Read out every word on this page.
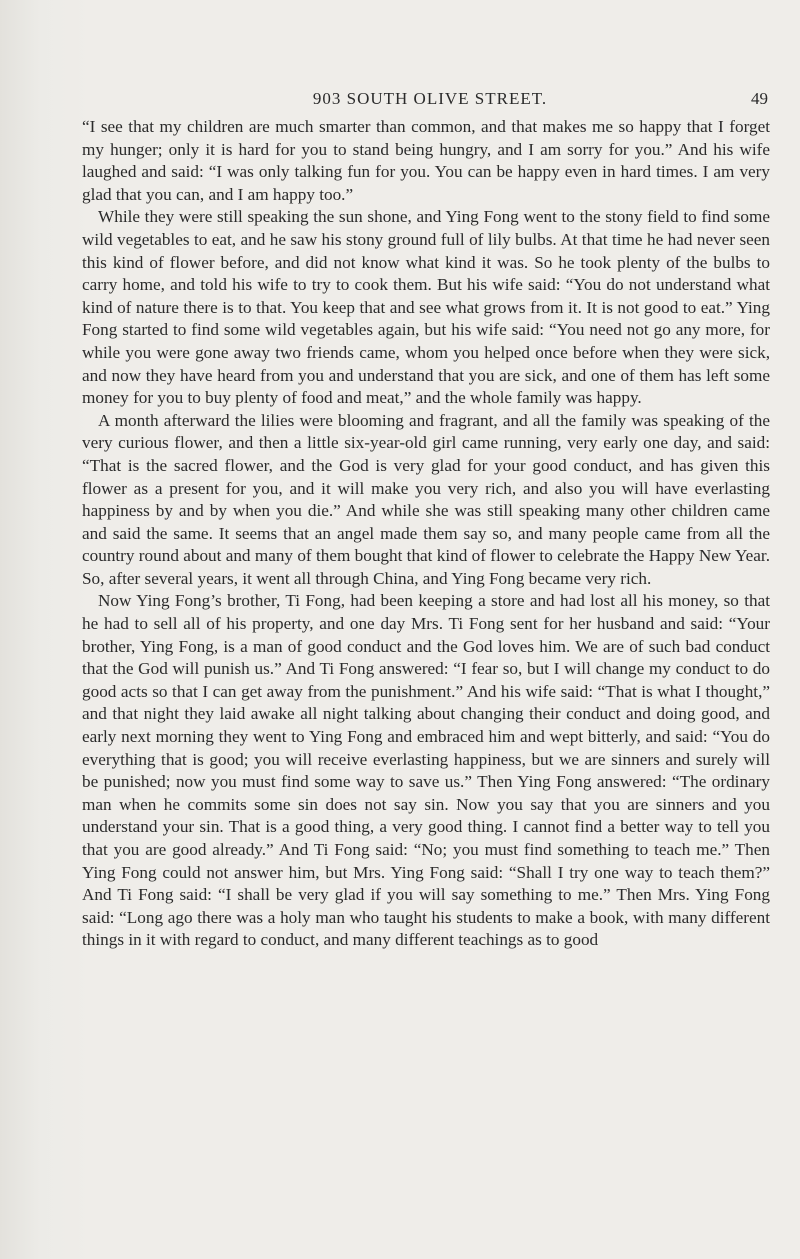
903 SOUTH OLIVE STREET.	49

“I see that my children are much smarter than common, and that makes me so happy that I forget my hunger; only it is hard for you to stand being hungry, and I am sorry for you.” And his wife laughed and said: “I was only talking fun for you. You can be happy even in hard times. I am very glad that you can, and I am happy too.”

While they were still speaking the sun shone, and Ying Fong went to the stony field to find some wild vegetables to eat, and he saw his stony ground full of lily bulbs. At that time he had never seen this kind of flower before, and did not know what kind it was. So he took plenty of the bulbs to carry home, and told his wife to try to cook them. But his wife said: “You do not understand what kind of nature there is to that. You keep that and see what grows from it. It is not good to eat.” Ying Fong started to find some wild vegetables again, but his wife said: “You need not go any more, for while you were gone away two friends came, whom you helped once before when they were sick, and now they have heard from you and understand that you are sick, and one of them has left some money for you to buy plenty of food and meat,” and the whole family was happy.

A month afterward the lilies were blooming and fragrant, and all the family was speaking of the very curious flower, and then a little six-year-old girl came running, very early one day, and said: “That is the sacred flower, and the God is very glad for your good conduct, and has given this flower as a present for you, and it will make you very rich, and also you will have everlasting happiness by and by when you die.” And while she was still speaking many other children came and said the same. It seems that an angel made them say so, and many people came from all the country round about and many of them bought that kind of flower to celebrate the Happy New Year. So, after several years, it went all through China, and Ying Fong became very rich.

Now Ying Fong’s brother, Ti Fong, had been keeping a store and had lost all his money, so that he had to sell all of his property, and one day Mrs. Ti Fong sent for her husband and said: “Your brother, Ying Fong, is a man of good conduct and the God loves him. We are of such bad conduct that the God will punish us.” And Ti Fong answered: “I fear so, but I will change my conduct to do good acts so that I can get away from the punishment.” And his wife said: “That is what I thought,” and that night they laid awake all night talking about changing their conduct and doing good, and early next morning they went to Ying Fong and embraced him and wept bitterly, and said: “You do everything that is good; you will receive everlasting happiness, but we are sinners and surely will be punished; now you must find some way to save us.” Then Ying Fong answered: “The ordinary man when he commits some sin does not say sin. Now you say that you are sinners and you understand your sin. That is a good thing, a very good thing. I cannot find a better way to tell you that you are good already.” And Ti Fong said: “No; you must find something to teach me.” Then Ying Fong could not answer him, but Mrs. Ying Fong said: “Shall I try one way to teach them?” And Ti Fong said: “I shall be very glad if you will say something to me.” Then Mrs. Ying Fong said: “Long ago there was a holy man who taught his students to make a book, with many different things in it with regard to conduct, and many different teachings as to good
